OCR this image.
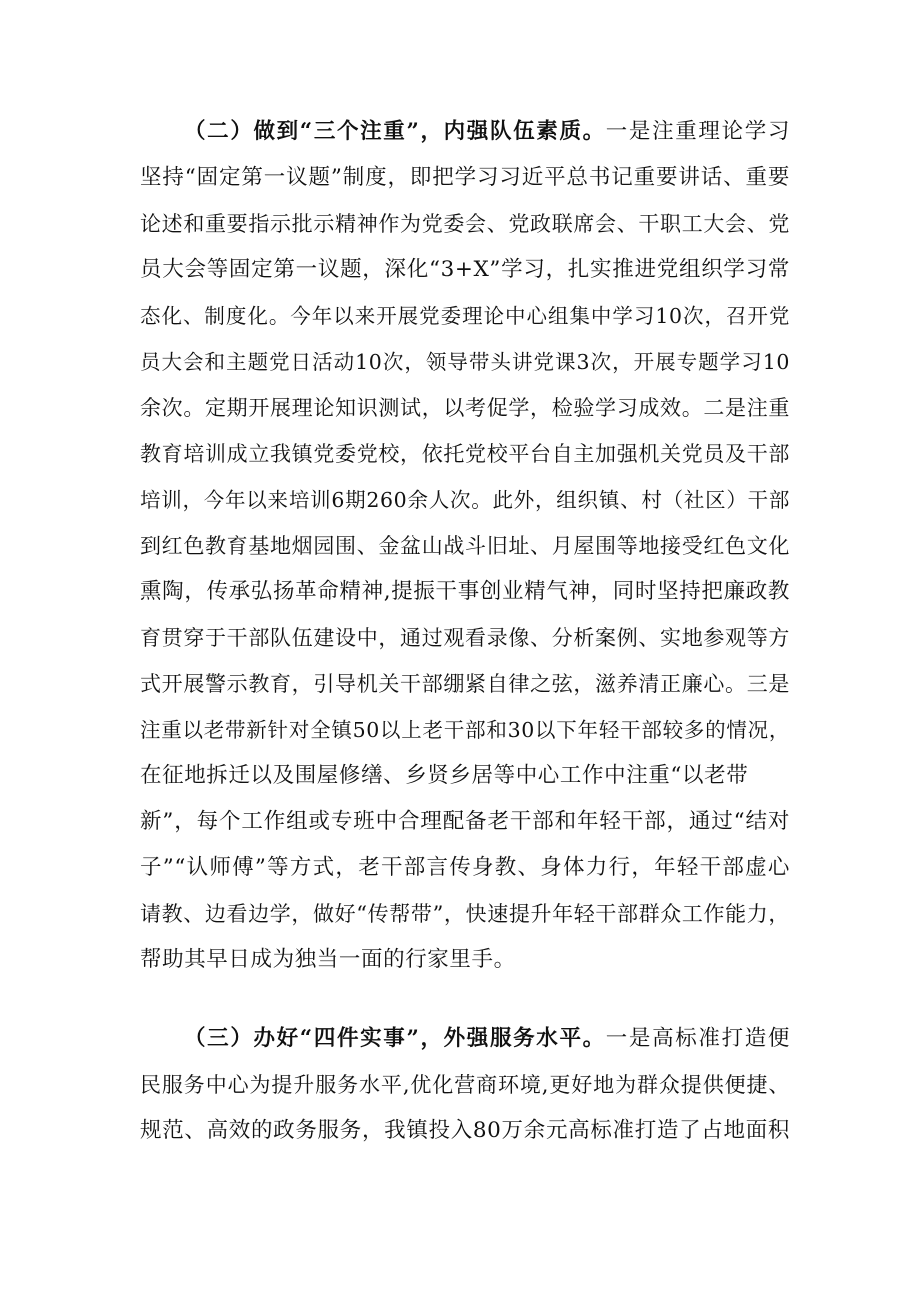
（二）做到“三个注重”，内强队伍素质。一是注重理论学习
坚持“固定第一议题”制度，即把学习习近平总书记重要讲话、重要
论述和重要指示批示精神作为党委会、党政联席会、干职工大会、党
员大会等固定第一议题，深化“3+X”学习，扎实推进党组织学习常
态化、制度化。今年以来开展党委理论中心组集中学习10次，召开党
员大会和主题党日活动10次，领导带头讲党课3次，开展专题学习10
余次。定期开展理论知识测试，以考促学，检验学习成效。二是注重
教育培训成立我镇党委党校，依托党校平台自主加强机关党员及干部
培训，今年以来培训6期260余人次。此外，组织镇、村（社区）干部
到红色教育基地烟园围、金盆山战斗旧址、月屋围等地接受红色文化
熏陶，传承弘扬革命精神,提振干事创业精气神，同时坚持把廉政教
育贯穿于干部队伍建设中，通过观看录像、分析案例、实地参观等方
式开展警示教育，引导机关干部绷紧自律之弦，滋养清正廉心。三是
注重以老带新针对全镇50以上老干部和30以下年轻干部较多的情况，
在征地拆迁以及围屋修缮、乡贤乡居等中心工作中注重“以老带
新”，每个工作组或专班中合理配备老干部和年轻干部，通过“结对
子”“认师傅”等方式，老干部言传身教、身体力行，年轻干部虚心
请教、边看边学，做好“传帮带”，快速提升年轻干部群众工作能力，
帮助其早日成为独当一面的行家里手。
（三）办好“四件实事”，外强服务水平。一是高标准打造便
民服务中心为提升服务水平,优化营商环境,更好地为群众提供便捷、
规范、高效的政务服务，我镇投入80万余元高标准打造了占地面积
